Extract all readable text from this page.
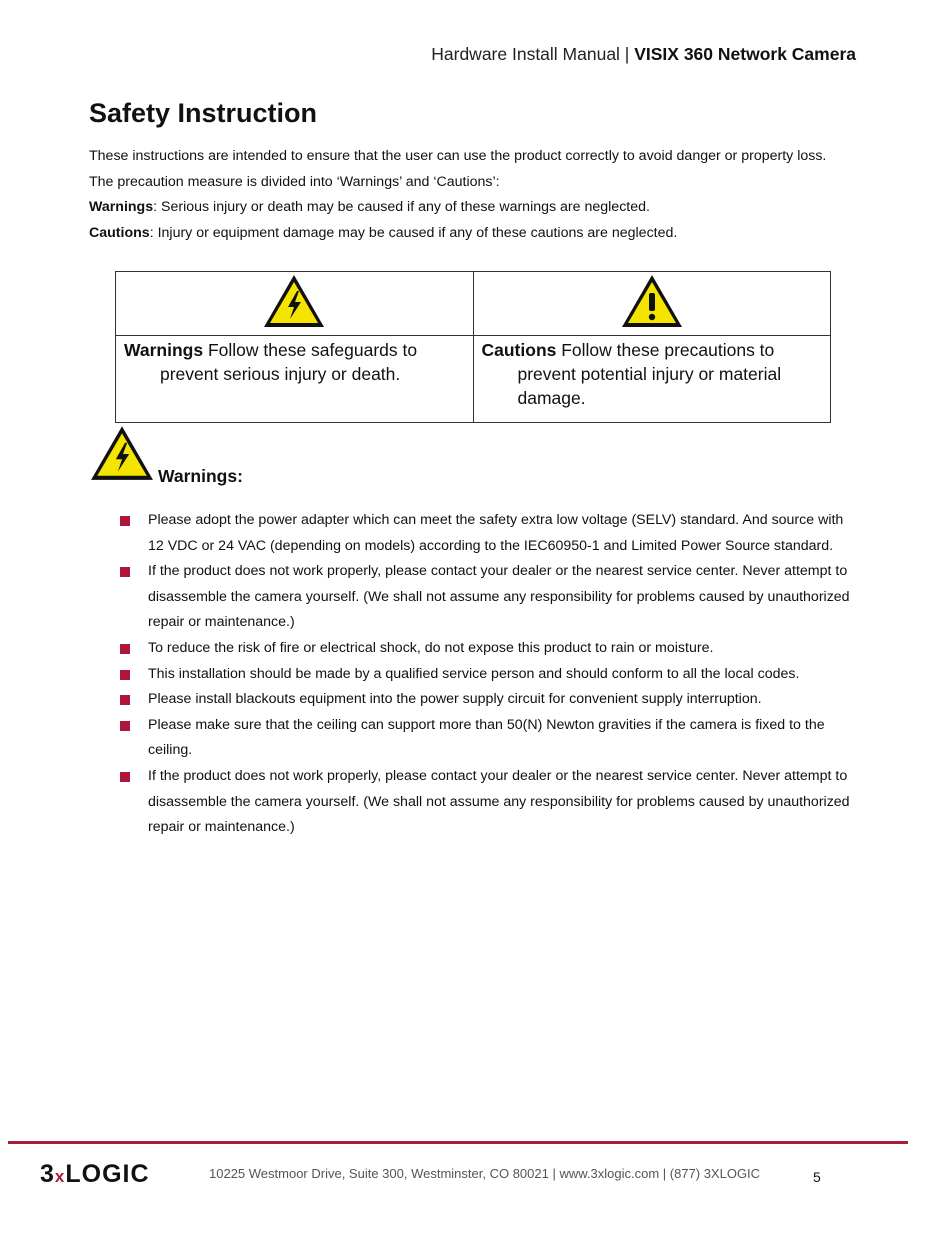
Hardware Install Manual | VISIX 360 Network Camera
Safety Instruction

These instructions are intended to ensure that the user can use the product correctly to avoid danger or property loss.

The precaution measure is divided into ‘Warnings’ and ‘Cautions’:

Warnings: Serious injury or death may be caused if any of these warnings are neglected.

Cautions: Injury or equipment damage may be caused if any of these cautions are neglected.

Warnings Follow these safeguards to prevent serious injury or death.	Cautions Follow these precautions to prevent potential injury or material damage.
Warnings:
Please adopt the power adapter which can meet the safety extra low voltage (SELV) standard. And source with 12 VDC or 24 VAC (depending on models) according to the IEC60950-1 and Limited Power Source standard.
If the product does not work properly, please contact your dealer or the nearest service center. Never attempt to disassemble the camera yourself. (We shall not assume any responsibility for problems caused by unauthorized repair or maintenance.)
To reduce the risk of fire or electrical shock, do not expose this product to rain or moisture.
This installation should be made by a qualified service person and should conform to all the local codes.
Please install blackouts equipment into the power supply circuit for convenient supply interruption.
Please make sure that the ceiling can support more than 50(N) Newton gravities if the camera is fixed to the ceiling.
If the product does not work properly, please contact your dealer or the nearest service center. Never attempt to disassemble the camera yourself. (We shall not assume any responsibility for problems caused by unauthorized repair or maintenance.)
3xLOGIC	10225 Westmoor Drive, Suite 300, Westminster, CO 80021 | www.3xlogic.com | (877) 3XLOGIC	5
